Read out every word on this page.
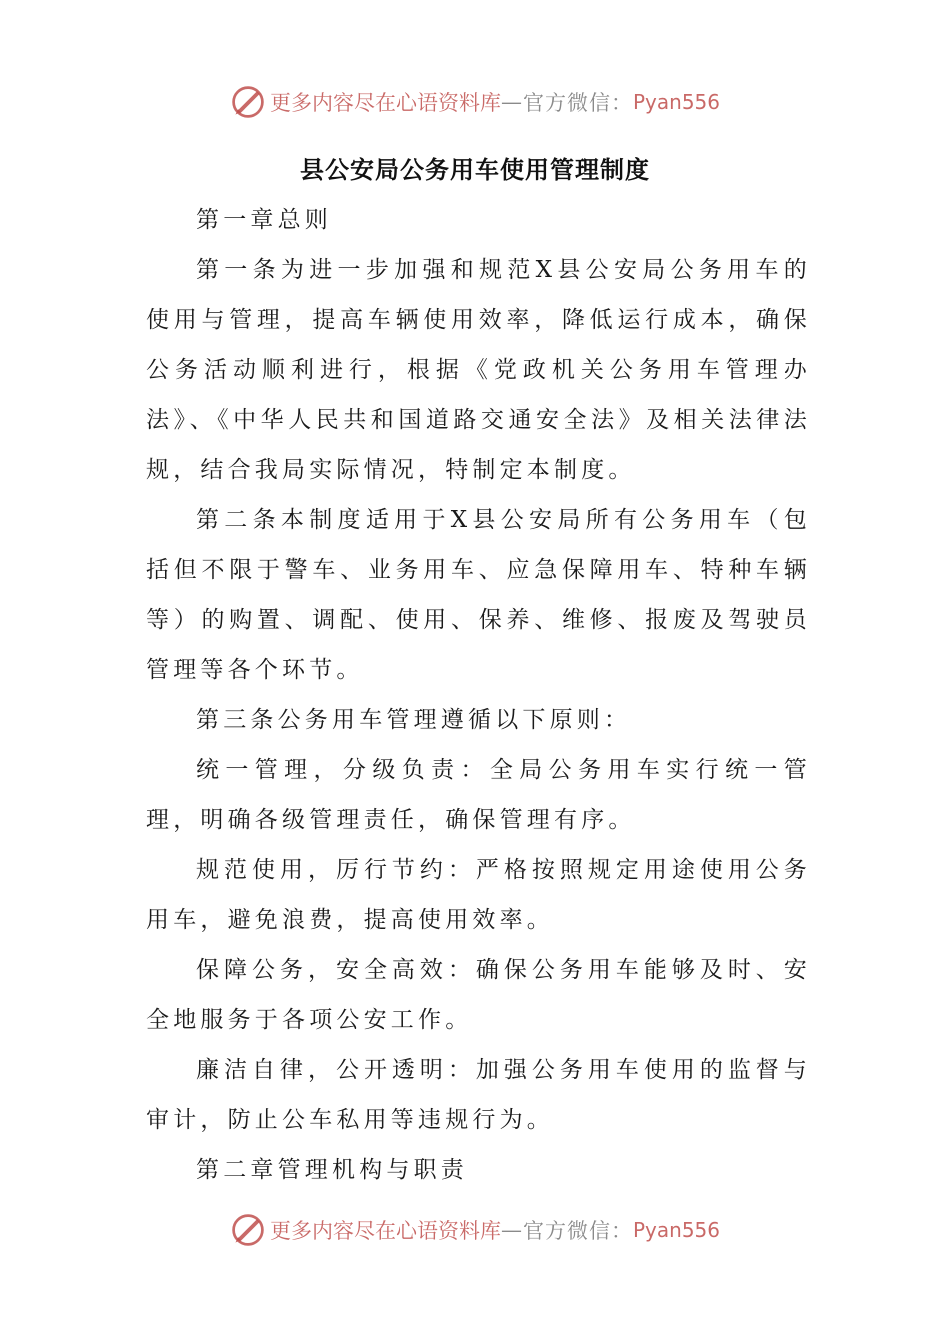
更多内容尽在心语资料库 — 官方微信： Pyan556
县公安局公务用车使用管理制度

第一章总则

第一条为进一步加强和规范X县公安局公务用车的使用与管理，提高车辆使用效率，降低运行成本，确保公务活动顺利进行，根据《党政机关公务用车管理办法》、《中华人民共和国道路交通安全法》及相关法律法规，结合我局实际情况，特制定本制度。

第二条本制度适用于X县公安局所有公务用车（包括但不限于警车、业务用车、应急保障用车、特种车辆等）的购置、调配、使用、保养、维修、报废及驾驶员管理等各个环节。

第三条公务用车管理遵循以下原则：

统一管理，分级负责：全局公务用车实行统一管理，明确各级管理责任，确保管理有序。

规范使用，厉行节约：严格按照规定用途使用公务用车，避免浪费，提高使用效率。

保障公务，安全高效：确保公务用车能够及时、安全地服务于各项公安工作。

廉洁自律，公开透明：加强公务用车使用的监督与审计，防止公车私用等违规行为。

第二章管理机构与职责

更多内容尽在心语资料库 — 官方微信： Pyan556
